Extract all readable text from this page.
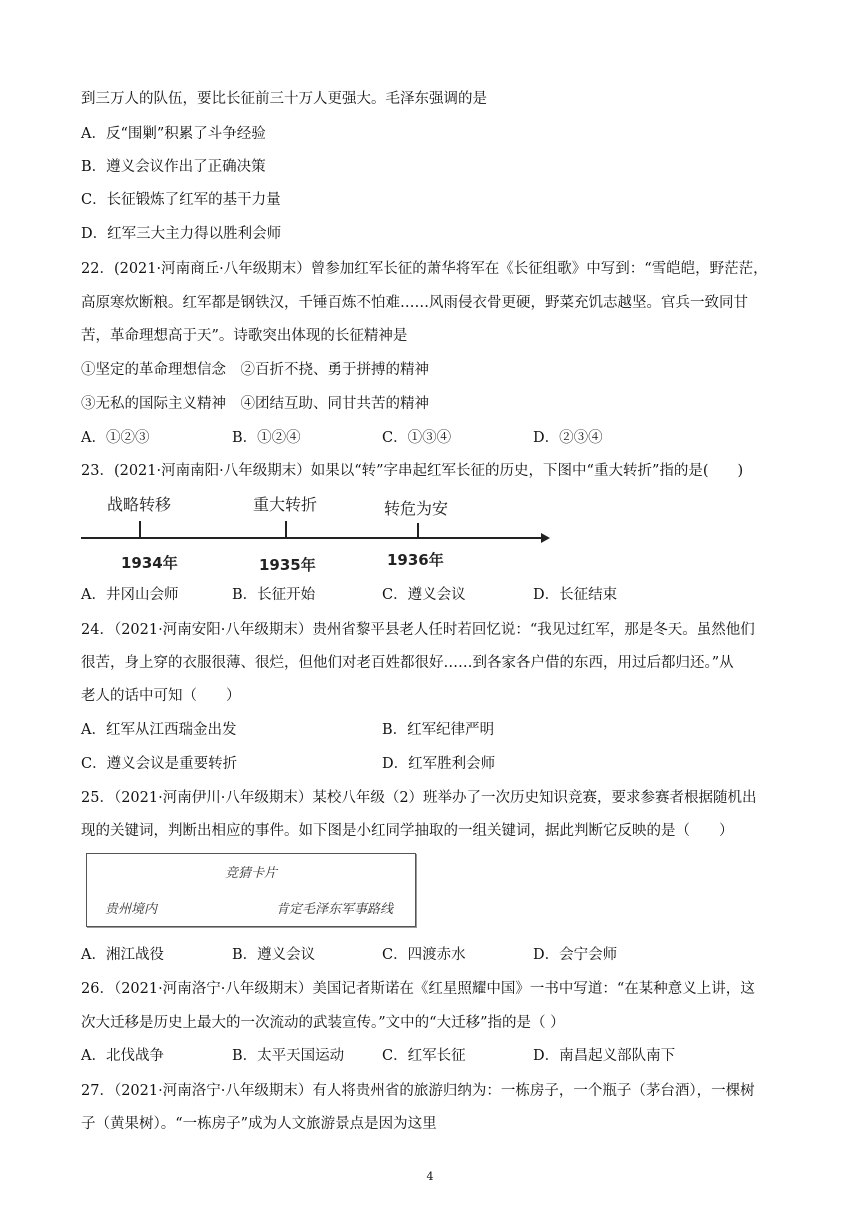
到三万人的队伍，要比长征前三十万人更强大。毛泽东强调的是
A．反“围剿”积累了斗争经验
B．遵义会议作出了正确决策
C．长征锻炼了红军的基干力量
D．红军三大主力得以胜利会师
22．(2021·河南商丘·八年级期末）曾参加红军长征的萧华将军在《长征组歌》中写到：“雪皑皑，野茫茫，
高原寒炊断粮。红军都是钢铁汉，千锤百炼不怕难……风雨侵衣骨更硬，野菜充饥志越坚。官兵一致同甘
苦，革命理想高于天”。诗歌突出体现的长征精神是
①坚定的革命理想信念　②百折不挠、勇于拼搏的精神
③无私的国际主义精神　④团结互助、同甘共苦的精神
A．①②③	B．①②④	C．①③④	D．②③④
23．(2021·河南南阳·八年级期末）如果以“转”字串起红军长征的历史，下图中“重大转折”指的是(　　)
战略转移	重大转折	转危为安
1934年	1935年	1936年
A．井冈山会师	B．长征开始	C．遵义会议	D．长征结束
24．（2021·河南安阳·八年级期末）贵州省黎平县老人任时若回忆说：“我见过红军，那是冬天。虽然他们
很苦，身上穿的衣服很薄、很烂，但他们对老百姓都很好……到各家各户借的东西，用过后都归还。”从
老人的话中可知（　　）
A．红军从江西瑞金出发	B．红军纪律严明
C．遵义会议是重要转折	D．红军胜利会师
25．（2021·河南伊川·八年级期末）某校八年级（2）班举办了一次历史知识竞赛，要求参赛者根据随机出
现的关键词，判断出相应的事件。如下图是小红同学抽取的一组关键词，据此判断它反映的是（　　）
竞猜卡片
贵州境内	肯定毛泽东军事路线
A．湘江战役	B．遵义会议	C．四渡赤水	D．会宁会师
26．（2021·河南洛宁·八年级期末）美国记者斯诺在《红星照耀中国》一书中写道：“在某种意义上讲，这
次大迁移是历史上最大的一次流动的武装宣传。”文中的“大迁移”指的是（ ）
A．北伐战争	B．太平天国运动	C．红军长征	D．南昌起义部队南下
27．（2021·河南洛宁·八年级期末）有人将贵州省的旅游归纳为：一栋房子，一个瓶子（茅台酒），一棵树
子（黄果树）。“一栋房子”成为人文旅游景点是因为这里
4
